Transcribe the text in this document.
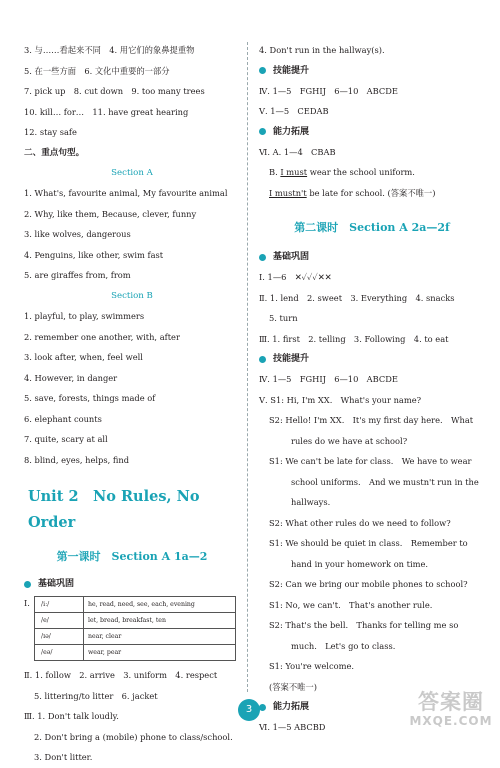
3. 与……看起来不同　4. 用它们的象鼻提重物
5. 在一些方面　6. 文化中重要的一部分
7. pick up　8. cut down　9. too many trees
10. kill… for…　11. have great hearing
12. stay safe
二、重点句型。
Section A
1. What's, favourite animal, My favourite animal
2. Why, like them, Because, clever, funny
3. like wolves, dangerous
4. Penguins, like other, swim fast
5. are giraffes from, from
Section B
1. playful, to play, swimmers
2. remember one another, with, after
3. look after, when, feel well
4. However, in danger
5. save, forests, things made of
6. elephant counts
7. quite, scary at all
8. blind, eyes, helps, find
Unit 2　No Rules, No Order
第一课时　Section A 1a—2
基础巩固
Ⅰ.	/iː/	he, read, need, see, each, evening
/e/	let, bread, breakfast, ten
/ɪə/	near, clear
/eə/	wear, pear
Ⅱ. 1. follow　2. arrive　3. uniform　4. respect
5. littering/to litter　6. jacket
Ⅲ. 1. Don't talk loudly.
2. Don't bring a (mobile) phone to class/school.
3. Don't litter.
4. Don't run in the hallway(s).
技能提升
Ⅳ. 1—5　FGHIJ　6—10　ABCDE
Ⅴ. 1—5　CEDAB
能力拓展
Ⅵ. A. 1—4　CBAB
B. I must wear the school uniform.
I mustn't be late for school. (答案不唯一)
第二课时　Section A 2a—2f
基础巩固
Ⅰ. 1—6　✕✓✓✓✕✕
Ⅱ. 1. lend　2. sweet　3. Everything　4. snacks
5. turn
Ⅲ. 1. first　2. telling　3. Following　4. to eat
技能提升
Ⅳ. 1—5　FGHIJ　6—10　ABCDE
Ⅴ. S1: Hi, I'm XX.　What's your name?
S2: Hello! I'm XX.　It's my first day here.　What
rules do we have at school?
S1: We can't be late for class.　We have to wear
school uniforms.　And we mustn't run in the
hallways.
S2: What other rules do we need to follow?
S1: We should be quiet in class.　Remember to
hand in your homework on time.
S2: Can we bring our mobile phones to school?
S1: No, we can't.　That's another rule.
S2: That's the bell.　Thanks for telling me so
much.　Let's go to class.
S1: You're welcome.
(答案不唯一)
能力拓展
Ⅵ. 1—5 ABCBD
3	答案圈
MXQE.COM
